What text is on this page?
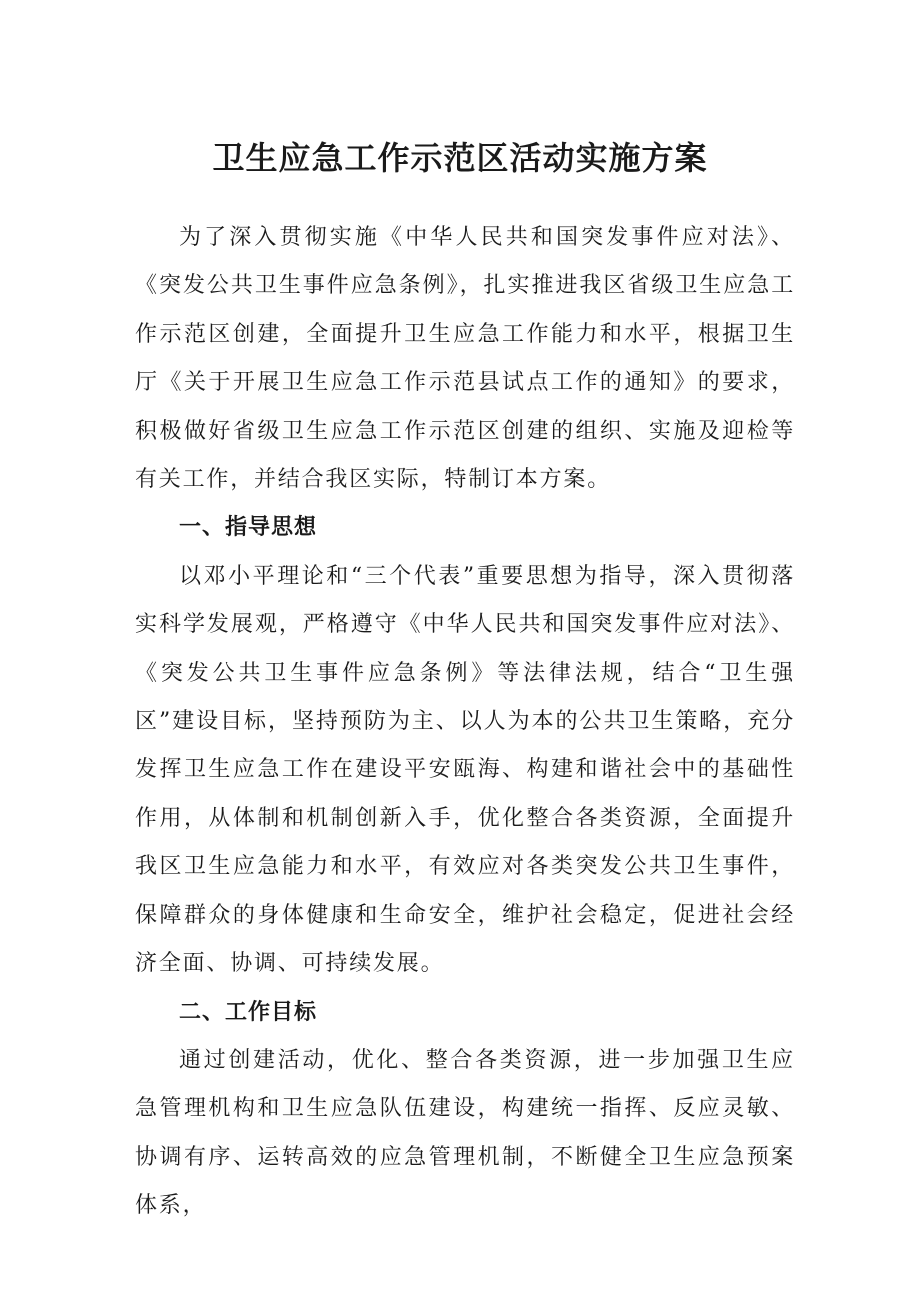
卫生应急工作示范区活动实施方案

为了深入贯彻实施《中华人民共和国突发事件应对法》、《突发公共卫生事件应急条例》，扎实推进我区省级卫生应急工作示范区创建，全面提升卫生应急工作能力和水平，根据卫生厅《关于开展卫生应急工作示范县试点工作的通知》的要求，积极做好省级卫生应急工作示范区创建的组织、实施及迎检等有关工作，并结合我区实际，特制订本方案。

一、指导思想

以邓小平理论和“三个代表”重要思想为指导，深入贯彻落实科学发展观，严格遵守《中华人民共和国突发事件应对法》、《突发公共卫生事件应急条例》等法律法规，结合“卫生强区”建设目标，坚持预防为主、以人为本的公共卫生策略，充分发挥卫生应急工作在建设平安瓯海、构建和谐社会中的基础性作用，从体制和机制创新入手，优化整合各类资源，全面提升我区卫生应急能力和水平，有效应对各类突发公共卫生事件，保障群众的身体健康和生命安全，维护社会稳定，促进社会经济全面、协调、可持续发展。

二、工作目标

通过创建活动，优化、整合各类资源，进一步加强卫生应急管理机构和卫生应急队伍建设，构建统一指挥、反应灵敏、协调有序、运转高效的应急管理机制，不断健全卫生应急预案体系，
